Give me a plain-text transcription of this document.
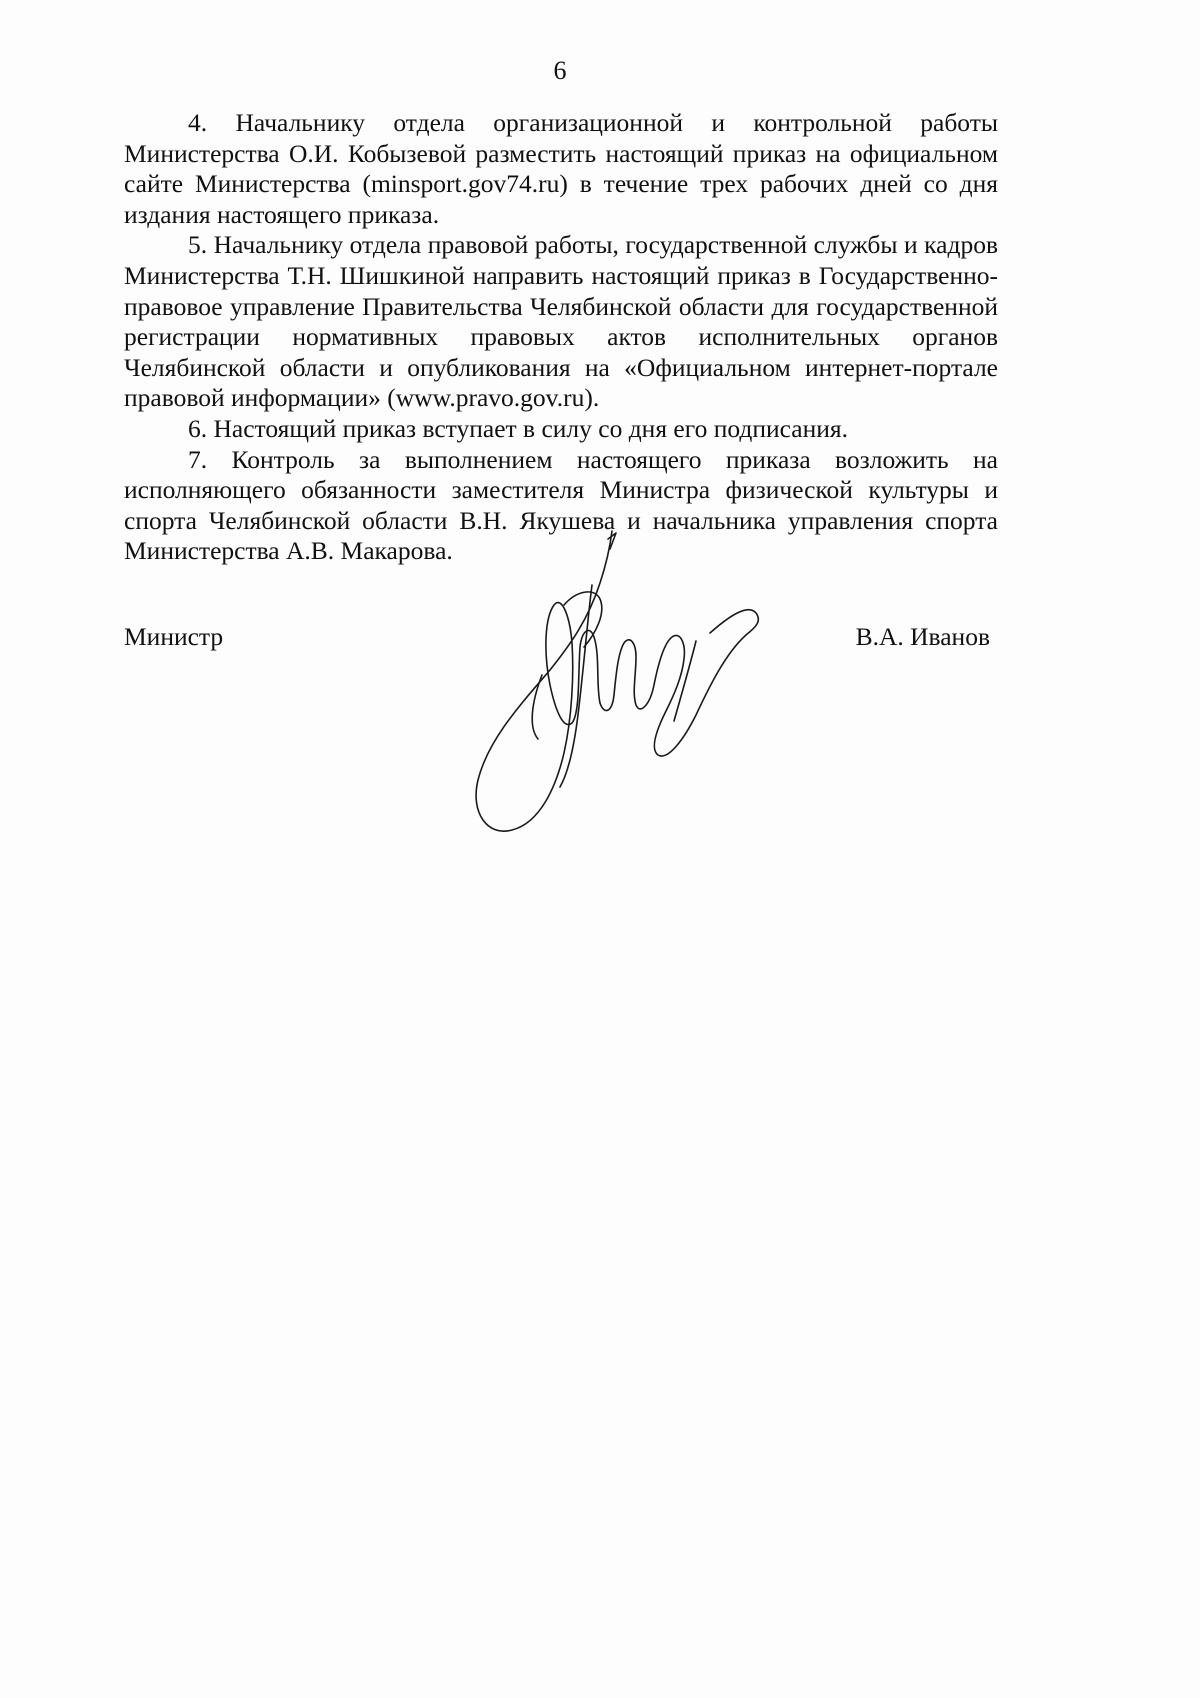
6

4. Начальнику отдела организационной и контрольной работы Министерства О.И. Кобызевой разместить настоящий приказ на официальном сайте Министерства (minsport.gov74.ru) в течение трех рабочих дней со дня издания настоящего приказа.

5. Начальнику отдела правовой работы, государственной службы и кадров Министерства Т.Н. Шишкиной направить настоящий приказ в Государственно-правовое управление Правительства Челябинской области для государственной регистрации нормативных правовых актов исполнительных органов Челябинской области и опубликования на «Официальном интернет-портале правовой информации» (www.pravo.gov.ru).

6. Настоящий приказ вступает в силу со дня его подписания.

7. Контроль за выполнением настоящего приказа возложить на исполняющего обязанности заместителя Министра физической культуры и спорта Челябинской области В.Н. Якушева и начальника управления спорта Министерства А.В. Макарова.

Министр	В.А. Иванов
